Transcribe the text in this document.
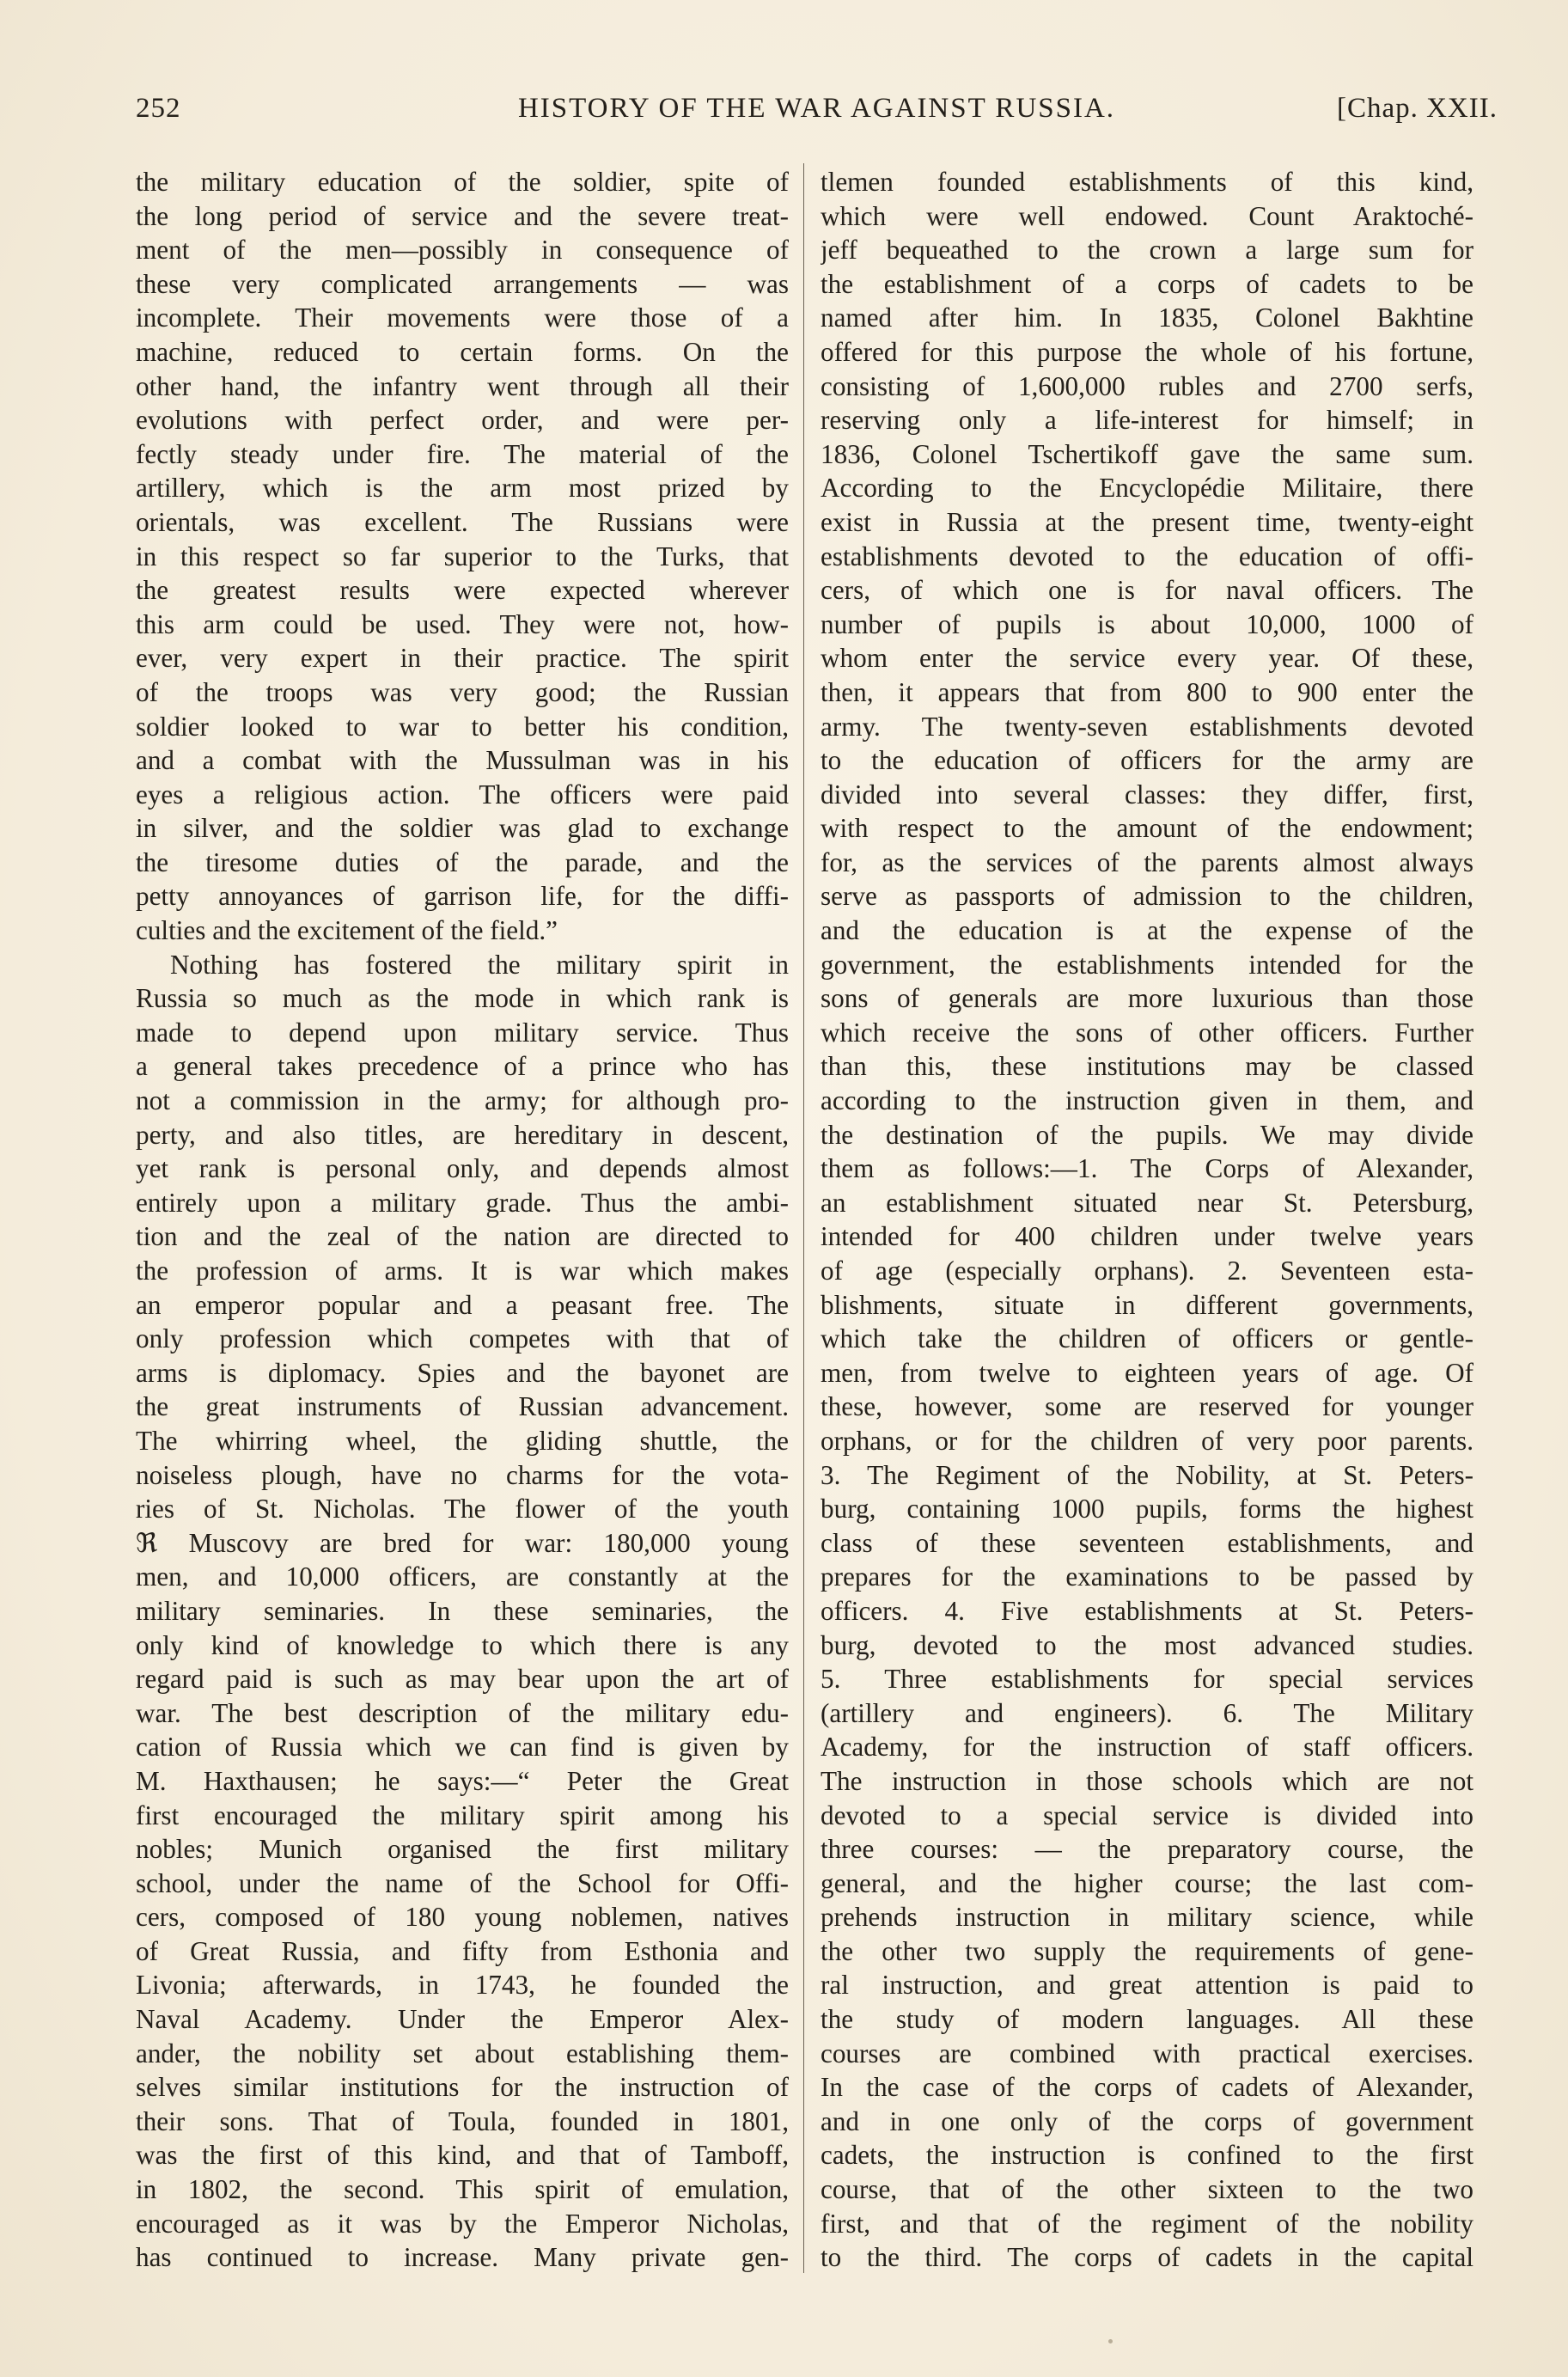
252	HISTORY OF THE WAR AGAINST RUSSIA.	[Chap. XXII.
the military education of the soldier, spite of
the long period of service and the severe treat-
ment of the men—possibly in consequence of
these very complicated arrangements — was
incomplete. Their movements were those of a
machine, reduced to certain forms. On the
other hand, the infantry went through all their
evolutions with perfect order, and were per-
fectly steady under fire. The material of the
artillery, which is the arm most prized by
orientals, was excellent. The Russians were
in this respect so far superior to the Turks, that
the greatest results were expected wherever
this arm could be used. They were not, how-
ever, very expert in their practice. The spirit
of the troops was very good; the Russian
soldier looked to war to better his condition,
and a combat with the Mussulman was in his
eyes a religious action. The officers were paid
in silver, and the soldier was glad to exchange
the tiresome duties of the parade, and the
petty annoyances of garrison life, for the diffi-
culties and the excitement of the field.”
Nothing has fostered the military spirit in
Russia so much as the mode in which rank is
made to depend upon military service. Thus
a general takes precedence of a prince who has
not a commission in the army; for although pro-
perty, and also titles, are hereditary in descent,
yet rank is personal only, and depends almost
entirely upon a military grade. Thus the ambi-
tion and the zeal of the nation are directed to
the profession of arms. It is war which makes
an emperor popular and a peasant free. The
only profession which competes with that of
arms is diplomacy. Spies and the bayonet are
the great instruments of Russian advancement.
The whirring wheel, the gliding shuttle, the
noiseless plough, have no charms for the vota-
ries of St. Nicholas. The flower of the youth
ℜ Muscovy are bred for war: 180,000 young
men, and 10,000 officers, are constantly at the
military seminaries. In these seminaries, the
only kind of knowledge to which there is any
regard paid is such as may bear upon the art of
war. The best description of the military edu-
cation of Russia which we can find is given by
M. Haxthausen; he says:—“ Peter the Great
first encouraged the military spirit among his
nobles; Munich organised the first military
school, under the name of the School for Offi-
cers, composed of 180 young noblemen, natives
of Great Russia, and fifty from Esthonia and
Livonia; afterwards, in 1743, he founded the
Naval Academy. Under the Emperor Alex-
ander, the nobility set about establishing them-
selves similar institutions for the instruction of
their sons. That of Toula, founded in 1801,
was the first of this kind, and that of Tamboff,
in 1802, the second. This spirit of emulation,
encouraged as it was by the Emperor Nicholas,
has continued to increase. Many private gen-
tlemen founded establishments of this kind,
which were well endowed. Count Araktoché-
jeff bequeathed to the crown a large sum for
the establishment of a corps of cadets to be
named after him. In 1835, Colonel Bakhtine
offered for this purpose the whole of his fortune,
consisting of 1,600,000 rubles and 2700 serfs,
reserving only a life-interest for himself; in
1836, Colonel Tschertikoff gave the same sum.
According to the Encyclopédie Militaire, there
exist in Russia at the present time, twenty-eight
establishments devoted to the education of offi-
cers, of which one is for naval officers. The
number of pupils is about 10,000, 1000 of
whom enter the service every year. Of these,
then, it appears that from 800 to 900 enter the
army. The twenty-seven establishments devoted
to the education of officers for the army are
divided into several classes: they differ, first,
with respect to the amount of the endowment;
for, as the services of the parents almost always
serve as passports of admission to the children,
and the education is at the expense of the
government, the establishments intended for the
sons of generals are more luxurious than those
which receive the sons of other officers. Further
than this, these institutions may be classed
according to the instruction given in them, and
the destination of the pupils. We may divide
them as follows:—1. The Corps of Alexander,
an establishment situated near St. Petersburg,
intended for 400 children under twelve years
of age (especially orphans). 2. Seventeen esta-
blishments, situate in different governments,
which take the children of officers or gentle-
men, from twelve to eighteen years of age. Of
these, however, some are reserved for younger
orphans, or for the children of very poor parents.
3. The Regiment of the Nobility, at St. Peters-
burg, containing 1000 pupils, forms the highest
class of these seventeen establishments, and
prepares for the examinations to be passed by
officers. 4. Five establishments at St. Peters-
burg, devoted to the most advanced studies.
5. Three establishments for special services
(artillery and engineers). 6. The Military
Academy, for the instruction of staff officers.
The instruction in those schools which are not
devoted to a special service is divided into
three courses: — the preparatory course, the
general, and the higher course; the last com-
prehends instruction in military science, while
the other two supply the requirements of gene-
ral instruction, and great attention is paid to
the study of modern languages. All these
courses are combined with practical exercises.
In the case of the corps of cadets of Alexander,
and in one only of the corps of government
cadets, the instruction is confined to the first
course, that of the other sixteen to the two
first, and that of the regiment of the nobility
to the third. The corps of cadets in the capital
